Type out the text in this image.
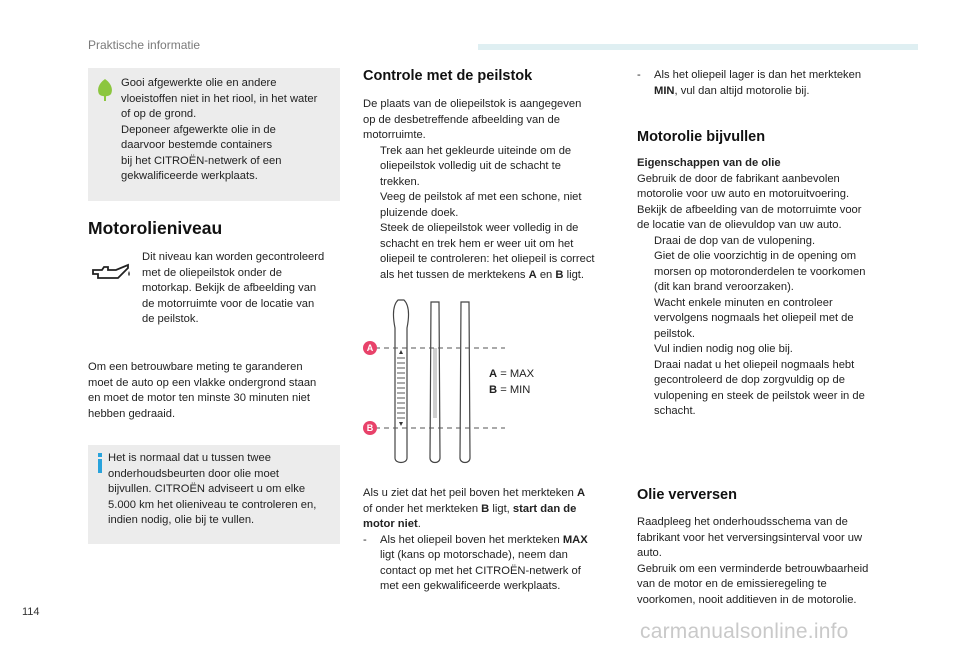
Praktische informatie
Gooi afgewerkte olie en andere
vloeistoffen niet in het riool, in het water
of op de grond.
Deponeer afgewerkte olie in de
daarvoor bestemde containers
bij het CITROËN-netwerk of een
gekwalificeerde werkplaats.
Motorolieniveau
Dit niveau kan worden gecontroleerd
met de oliepeilstok onder de
motorkap. Bekijk de afbeelding van
de motorruimte voor de locatie van
de peilstok.
Om een betrouwbare meting te garanderen
moet de auto op een vlakke ondergrond staan
en moet de motor ten minste 30 minuten niet
hebben gedraaid.
Het is normaal dat u tussen twee
onderhoudsbeurten door olie moet
bijvullen. CITROËN adviseert u om elke
5.000 km het olieniveau te controleren en,
indien nodig, olie bij te vullen.
Controle met de peilstok
De plaats van de oliepeilstok is aangegeven
op de desbetreffende afbeelding van de
motorruimte.
Trek aan het gekleurde uiteinde om de
oliepeilstok volledig uit de schacht te
trekken.
Veeg de peilstok af met een schone, niet
pluizende doek.
Steek de oliepeilstok weer volledig in de
schacht en trek hem er weer uit om het
oliepeil te controleren: het oliepeil is correct
als het tussen de merktekens A en B ligt.
A
B
A = MAX
B = MIN
Als u ziet dat het peil boven het merkteken A
of onder het merkteken B ligt, start dan de
motor niet.
- Als het oliepeil boven het merkteken MAX
ligt (kans op motorschade), neem dan
contact op met het CITROËN-netwerk of
met een gekwalificeerde werkplaats.
- Als het oliepeil lager is dan het merkteken
MIN, vul dan altijd motorolie bij.
Motorolie bijvullen
Eigenschappen van de olie
Gebruik de door de fabrikant aanbevolen
motorolie voor uw auto en motoruitvoering.
Bekijk de afbeelding van de motorruimte voor
de locatie van de olievuldop van uw auto.
Draai de dop van de vulopening.
Giet de olie voorzichtig in de opening om
morsen op motoronderdelen te voorkomen
(dit kan brand veroorzaken).
Wacht enkele minuten en controleer
vervolgens nogmaals het oliepeil met de
peilstok.
Vul indien nodig nog olie bij.
Draai nadat u het oliepeil nogmaals hebt
gecontroleerd de dop zorgvuldig op de
vulopening en steek de peilstok weer in de
schacht.
Olie verversen
Raadpleeg het onderhoudsschema van de
fabrikant voor het verversingsinterval voor uw
auto.
Gebruik om een verminderde betrouwbaarheid
van de motor en de emissieregeling te
voorkomen, nooit additieven in de motorolie.
114
carmanualsonline.info
